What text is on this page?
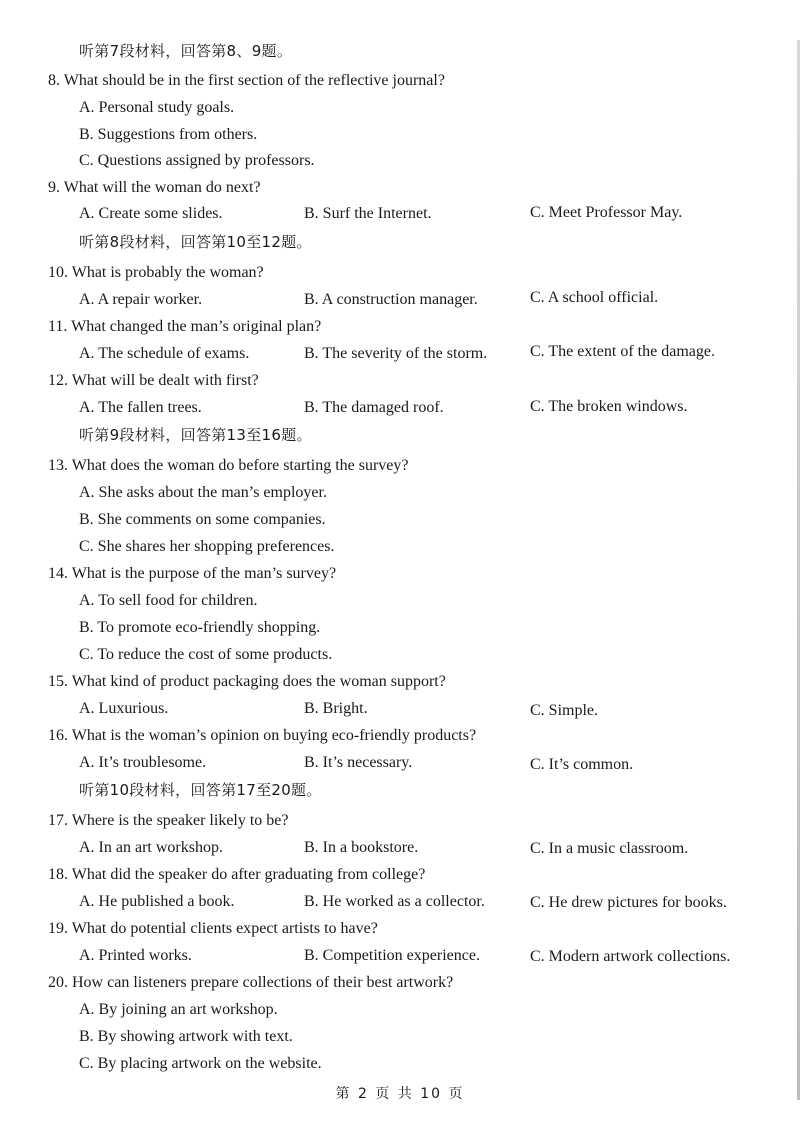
听第7段材料，回答第8、9题。
8. What should be in the first section of the reflective journal?
A. Personal study goals.
B. Suggestions from others.
C. Questions assigned by professors.
9. What will the woman do next?
A. Create some slides.	B. Surf the Internet.	C. Meet Professor May.
听第8段材料，回答第10至12题。
10. What is probably the woman?
A. A repair worker.	B. A construction manager.	C. A school official.
11. What changed the man’s original plan?
A. The schedule of exams.	B. The severity of the storm.	C. The extent of the damage.
12. What will be dealt with first?
A. The fallen trees.	B. The damaged roof.	C. The broken windows.
听第9段材料，回答第13至16题。
13. What does the woman do before starting the survey?
A. She asks about the man’s employer.
B. She comments on some companies.
C. She shares her shopping preferences.
14. What is the purpose of the man’s survey?
A. To sell food for children.
B. To promote eco-friendly shopping.
C. To reduce the cost of some products.
15. What kind of product packaging does the woman support?
A. Luxurious.	B. Bright.	C. Simple.
16. What is the woman’s opinion on buying eco-friendly products?
A. It’s troublesome.	B. It’s necessary.	C. It’s common.
听第10段材料，回答第17至20题。
17. Where is the speaker likely to be?
A. In an art workshop.	B. In a bookstore.	C. In a music classroom.
18. What did the speaker do after graduating from college?
A. He published a book.	B. He worked as a collector.	C. He drew pictures for books.
19. What do potential clients expect artists to have?
A. Printed works.	B. Competition experience.	C. Modern artwork collections.
20. How can listeners prepare collections of their best artwork?
A. By joining an art workshop.
B. By showing artwork with text.
C. By placing artwork on the website.
第 2 页 共 10 页
